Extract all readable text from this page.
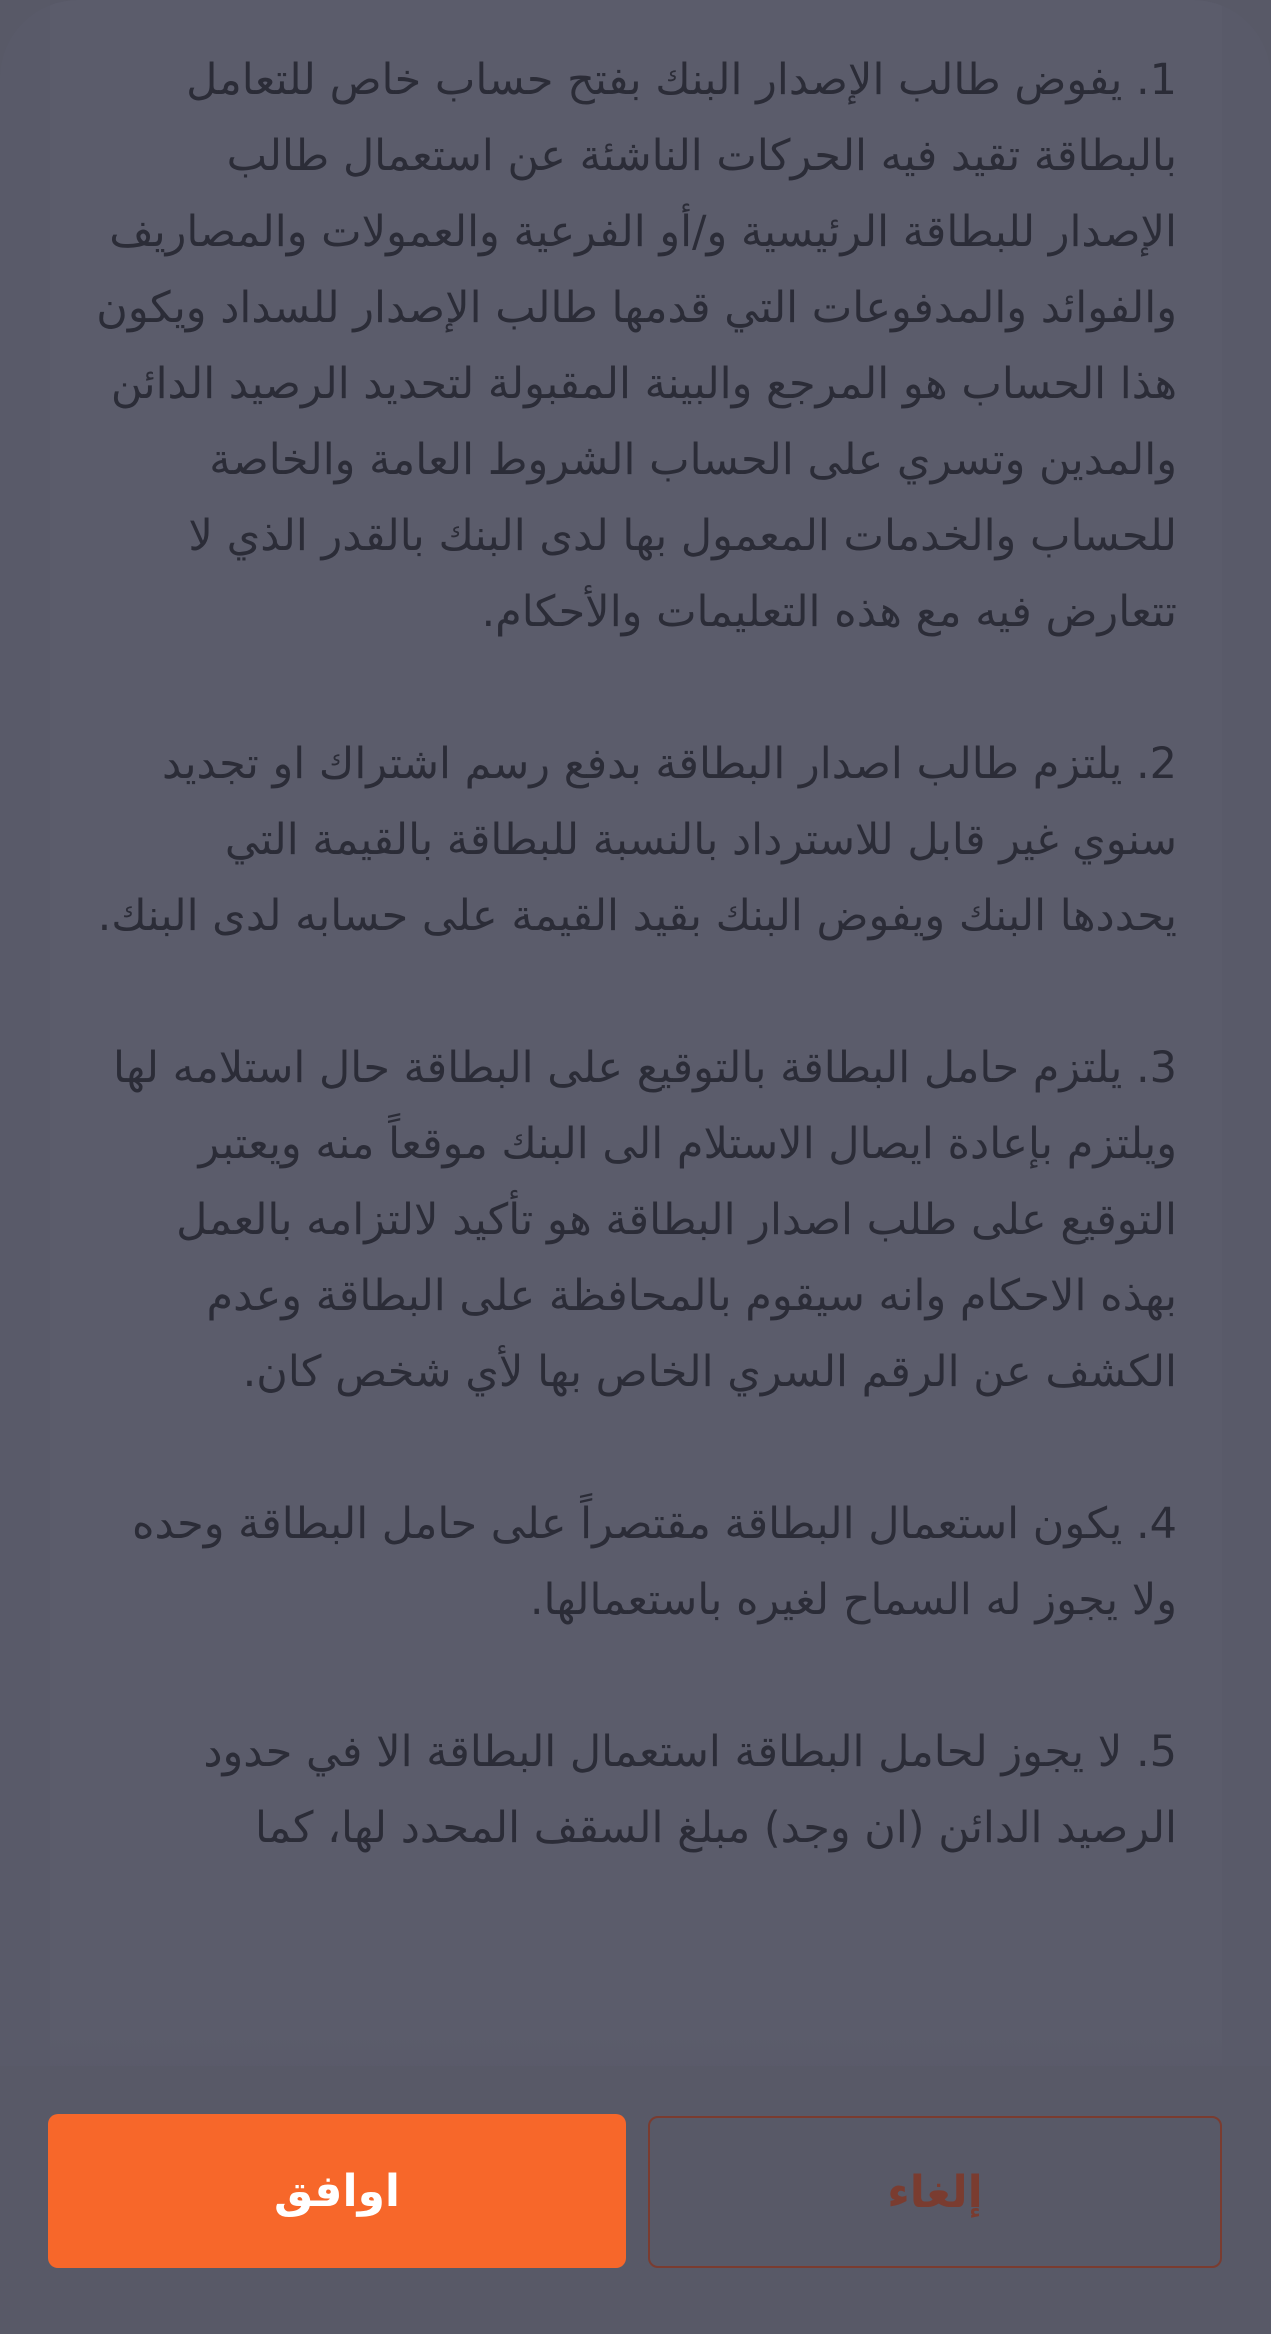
1. يفوض طالب الإصدار البنك بفتح حساب خاص للتعامل بالبطاقة تقيد فيه الحركات الناشئة عن استعمال طالب الإصدار للبطاقة الرئيسية و/أو الفرعية والعمولات والمصاريف والفوائد والمدفوعات التي قدمها طالب الإصدار للسداد ويكون هذا الحساب هو المرجع والبينة المقبولة لتحديد الرصيد الدائن والمدين وتسري على الحساب الشروط العامة والخاصة للحساب والخدمات المعمول بها لدى البنك بالقدر الذي لا تتعارض فيه مع هذه التعليمات والأحكام.

2. يلتزم طالب اصدار البطاقة بدفع رسم اشتراك او تجديد سنوي غير قابل للاسترداد بالنسبة للبطاقة بالقيمة التي يحددها البنك ويفوض البنك بقيد القيمة على حسابه لدى البنك.

3. يلتزم حامل البطاقة بالتوقيع على البطاقة حال استلامه لها ويلتزم بإعادة ايصال الاستلام الى البنك موقعاً منه ويعتبر التوقيع على طلب اصدار البطاقة هو تأكيد لالتزامه بالعمل بهذه الاحكام وانه سيقوم بالمحافظة على البطاقة وعدم الكشف عن الرقم السري الخاص بها لأي شخص كان.

4. يكون استعمال البطاقة مقتصراً على حامل البطاقة وحده ولا يجوز له السماح لغيره باستعمالها.

5. لا يجوز لحامل البطاقة استعمال البطاقة الا في حدود الرصيد الدائن (ان وجد) مبلغ السقف المحدد لها، كما

اوافق	إلغاء
